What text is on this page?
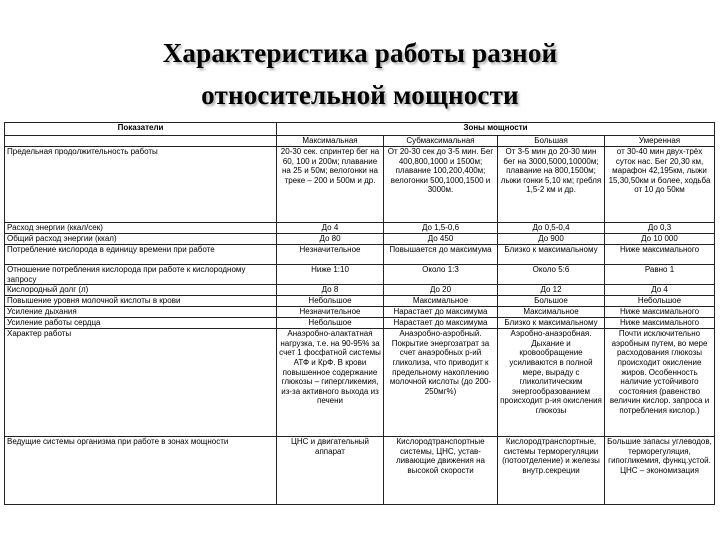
Характеристика работы разной
относительной мощности
Показатели	Зоны мощности			
	Максимальная	Субмаксимальная	Большая	Умеренная
Предельная продолжительность работы	20-30 сек. спринтер бег на 60, 100 и 200м; плавание на 25 и 50м; велогонки на треке – 200 и 500м и др.	От 20-30 сек до 3-5 мин. Бег 400,800,1000 и 1500м; плавание 100,200,400м; велогонки 500,1000,1500 и 3000м.	От 3-5 мин до 20-30 мин бег на 3000,5000,10000м; плавание на 800,1500м; лыжи гонки 5,10 км; гребля 1,5-2 км и др.	от 30-40 мин двух-трёх суток нас. Бег 20,30 км, марафон 42,195км, лыжи 15,30,50км и более, ходьба от 10 до 50км
Расход энергии (ккал/сек)	До 4	До 1,5-0,6	До 0,5-0,4	До 0,3
Общий расход энергии (ккал)	До 80	До 450	До 900	До 10 000
Потребление кислорода в единицу времени при работе	Незначительное	Повышается до максимума	Близко к максимальному	Ниже максимального
Отношение потребления кислорода при работе к кислородному запросу	Ниже 1:10	Около 1:3	Около 5:6	Равно 1
Кислородный долг (л)	До 8	До 20	До 12	До 4
Повышение уровня молочной кислоты в крови	Небольшое	Максимальное	Большое	Небольшое
Усиление дыхания	Незначительное	Нарастает до максимума	Максимальное	Ниже максимального
Усиление работы сердца	Небольшое	Нарастает до максимума	Близко к максимальному	Ниже максимального
Характер работы	Анаэробно-алактатная нагрузка, т.е. на 90-95% за счет 1 фосфатной системы АТФ и КрФ. В крови повышенное содержание глюкозы – гипергликемия, из-за активного выхода из печени	Анаэробно-аэробный. Покрытие энергозатрат за счет анаэробных р-ий гликолиза, что приводит к предельному накоплению молочной кислоты (до 200-250мг%)	Аэробно-анаэробная. Дыхание и кровообращение усиливаются в полной мере, выраду с гликолитическим энергообразованием происходит р-ия окисления глюкозы	Почти исключительно аэробным путем, во мере расходования глюкозы происходит окисление жиров. Особенность наличие устойчивого состояния (равенство величин кислор. запроса и потребления кислор.)
Ведущие системы организма при работе в зонах мощности	ЦНС и двигательный аппарат	Кислородтранспортные системы, ЦНС, устав-ливающие движения на высокой скорости	Кислородтранспортные, системы терморегуляции (потоотделение) и железы внутр.секреции	Большие запасы углеводов, терморегуляция, гипогликемия, функц.устой. ЦНС – экономизация
